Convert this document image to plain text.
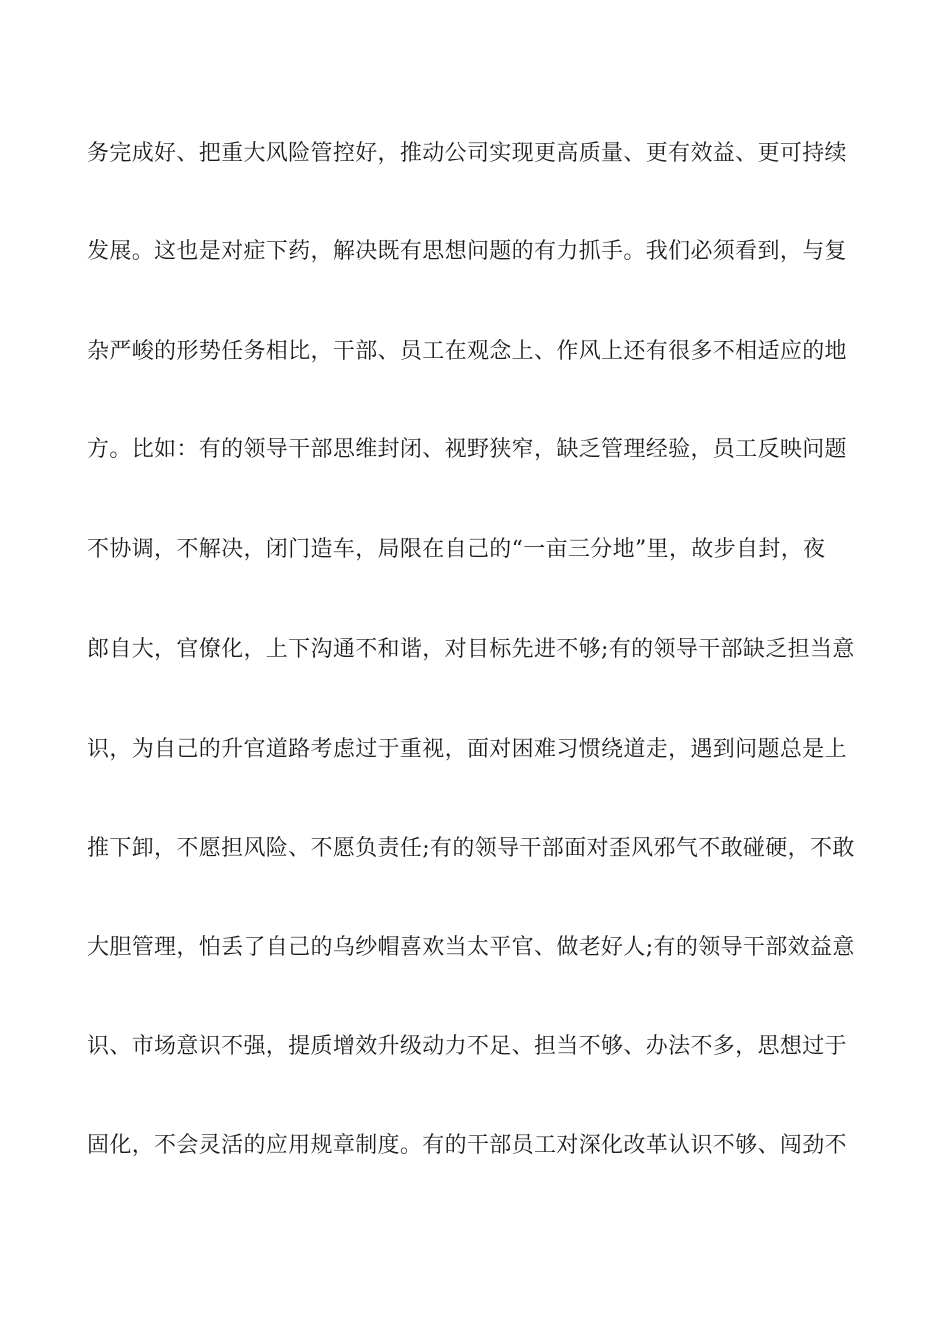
务完成好、把重大风险管控好，推动公司实现更高质量、更有效益、更可持续
发展。这也是对症下药，解决既有思想问题的有力抓手。我们必须看到，与复
杂严峻的形势任务相比，干部、员工在观念上、作风上还有很多不相适应的地
方。比如：有的领导干部思维封闭、视野狭窄，缺乏管理经验，员工反映问题
不协调，不解决，闭门造车，局限在自己的“一亩三分地”里，故步自封，夜
郎自大，官僚化，上下沟通不和谐，对目标先进不够;有的领导干部缺乏担当意
识，为自己的升官道路考虑过于重视，面对困难习惯绕道走，遇到问题总是上
推下卸，不愿担风险、不愿负责任;有的领导干部面对歪风邪气不敢碰硬，不敢
大胆管理，怕丢了自己的乌纱帽喜欢当太平官、做老好人;有的领导干部效益意
识、市场意识不强，提质增效升级动力不足、担当不够、办法不多，思想过于
固化，不会灵活的应用规章制度。有的干部员工对深化改革认识不够、闯劲不
